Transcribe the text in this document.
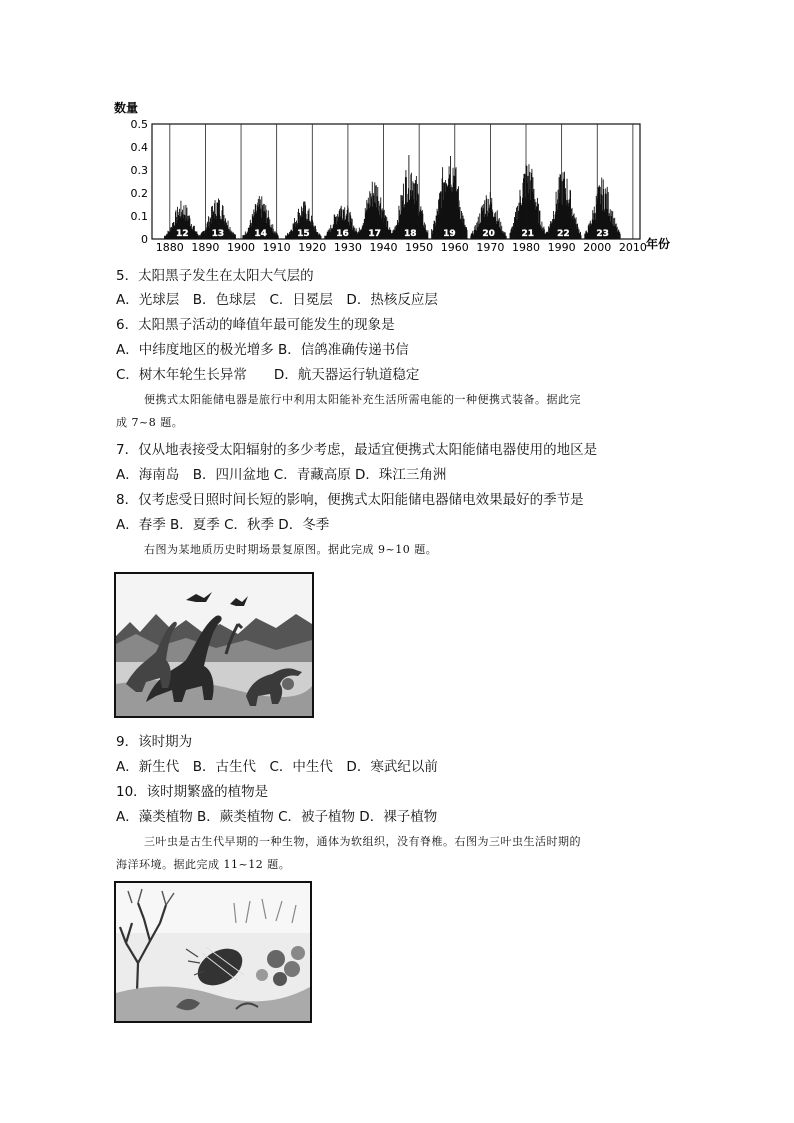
1880 1890 1900 1910 1920 1930 1940 1950 1960 1970 1980 1990 2000 2010
0.5
0.4
0.3
0.2
0.1
0	12	13	14	15	16 17	18	19	20	21	22	23
数量
年份
5．太阳黑子发生在太阳大气层的
A．光球层　B．色球层　C．日冕层　D．热核反应层
6．太阳黑子活动的峰值年最可能发生的现象是
A．中纬度地区的极光增多 B．信鸽准确传递书信
C．树木年轮生长异常　　D．航天器运行轨道稳定
便携式太阳能储电器是旅行中利用太阳能补充生活所需电能的一种便携式装备。据此完
成 7~8 题。
7．仅从地表接受太阳辐射的多少考虑，最适宜便携式太阳能储电器使用的地区是
A．海南岛　B．四川盆地 C．青藏高原 D．珠江三角洲
8．仅考虑受日照时间长短的影响，便携式太阳能储电器储电效果最好的季节是
A．春季 B．夏季 C．秋季 D．冬季
右图为某地质历史时期场景复原图。据此完成 9~10 题。
9．该时期为
A．新生代　B．古生代　C．中生代　D．寒武纪以前
10．该时期繁盛的植物是
A．藻类植物 B．蕨类植物 C．被子植物 D．裸子植物
三叶虫是古生代早期的一种生物，通体为软组织，没有脊椎。右图为三叶虫生活时期的
海洋环境。据此完成 11~12 题。
